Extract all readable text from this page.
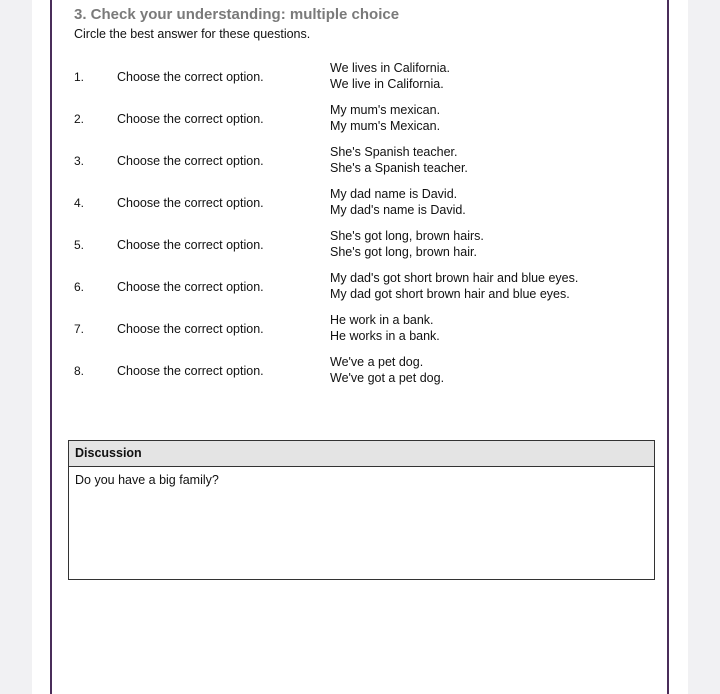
3. Check your understanding: multiple choice
Circle the best answer for these questions.
1.	Choose the correct option.
We lives in California.
We live in California.
2.	Choose the correct option.
My mum's mexican.
My mum's Mexican.
3.	Choose the correct option.
She's Spanish teacher.
She's a Spanish teacher.
4.	Choose the correct option.
My dad name is David.
My dad's name is David.
5.	Choose the correct option.
She's got long, brown hairs.
She's got long, brown hair.
6.	Choose the correct option.
My dad's got short brown hair and blue eyes.
My dad got short brown hair and blue eyes.
7.	Choose the correct option.
He work in a bank.
He works in a bank.
8.	Choose the correct option.
We've a pet dog.
We've got a pet dog.
Discussion
Do you have a big family?
